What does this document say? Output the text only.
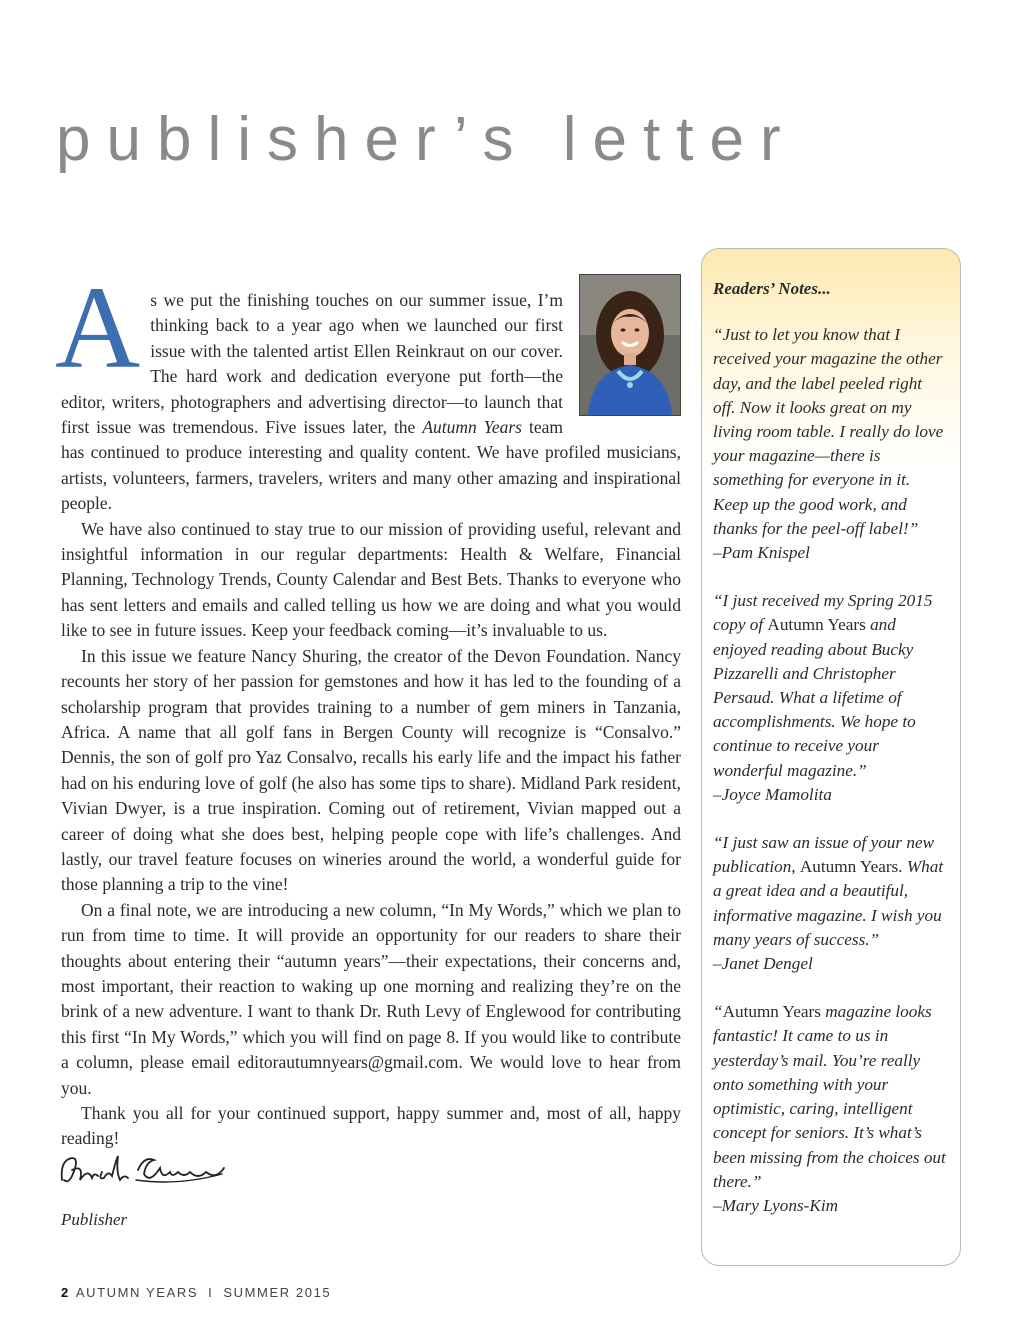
publisher’s letter

As we put the finishing touches on our summer issue, I’m thinking back to a year ago when we launched our first issue with the talented artist Ellen Reinkraut on our cover. The hard work and dedication everyone put forth—the editor, writers, photographers and advertising director—to launch that first issue was tremendous. Five issues later, the Autumn Years team has continued to produce interesting and quality content. We have profiled musicians, artists, volunteers, farmers, travelers, writers and many other amazing and inspirational people.

We have also continued to stay true to our mission of providing useful, relevant and insightful information in our regular departments: Health & Welfare, Financial Planning, Technology Trends, County Calendar and Best Bets. Thanks to everyone who has sent letters and emails and called telling us how we are doing and what you would like to see in future issues. Keep your feedback coming—it’s invaluable to us.

In this issue we feature Nancy Shuring, the creator of the Devon Foundation. Nancy recounts her story of her passion for gemstones and how it has led to the founding of a scholarship program that provides training to a number of gem miners in Tanzania, Africa. A name that all golf fans in Bergen County will recognize is “Consalvo.” Dennis, the son of golf pro Yaz Consalvo, recalls his early life and the impact his father had on his enduring love of golf (he also has some tips to share). Midland Park resident, Vivian Dwyer, is a true inspiration. Coming out of retirement, Vivian mapped out a career of doing what she does best, helping people cope with life’s challenges. And lastly, our travel feature focuses on wineries around the world, a wonderful guide for those planning a trip to the vine!

On a final note, we are introducing a new column, “In My Words,” which we plan to run from time to time. It will provide an opportunity for our readers to share their thoughts about entering their “autumn years”—their expectations, their concerns and, most important, their reaction to waking up one morning and realizing they’re on the brink of a new adventure. I want to thank Dr. Ruth Levy of Englewood for contributing this first “In My Words,” which you will find on page 8. If you would like to contribute a column, please email editorautumnyears@gmail.com. We would love to hear from you.

Thank you all for your continued support, happy summer and, most of all, happy reading!

Publisher
Readers’ Notes...

“Just to let you know that I received your magazine the other day, and the label peeled right off. Now it looks great on my living room table. I really do love your magazine—there is something for everyone in it. Keep up the good work, and thanks for the peel-off label!”

–Pam Knispel

“I just received my Spring 2015 copy of Autumn Years and enjoyed reading about Bucky Pizzarelli and Christopher Persaud. What a lifetime of accomplishments. We hope to continue to receive your wonderful magazine.”

–Joyce Mamolita

“I just saw an issue of your new publication, Autumn Years. What a great idea and a beautiful, informative magazine. I wish you many years of success.”

–Janet Dengel

“Autumn Years magazine looks fantastic! It came to us in yesterday’s mail. You’re really onto something with your optimistic, caring, intelligent concept for seniors. It’s what’s been missing from the choices out there.”

–Mary Lyons-Kim

2 AUTUMN YEARS I SUMMER 2015
